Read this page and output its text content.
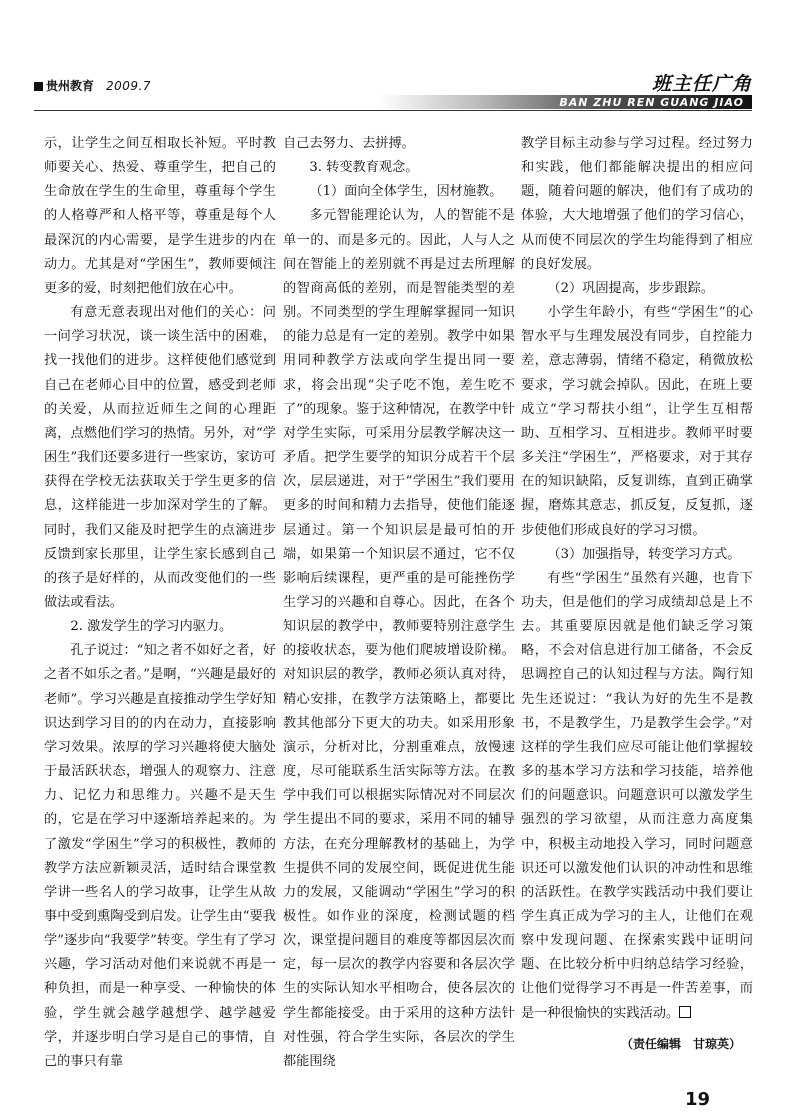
贵州教育 2009.7	班主任广角
BAN ZHU REN GUANG JIAO

示，让学生之间互相取长补短。平时教师要关心、热爱、尊重学生，把自己的生命放在学生的生命里，尊重每个学生的人格尊严和人格平等，尊重是每个人最深沉的内心需要，是学生进步的内在动力。尤其是对“学困生”，教师要倾注更多的爱，时刻把他们放在心中。

有意无意表现出对他们的关心：问一问学习状况，谈一谈生活中的困难，找一找他们的进步。这样使他们感觉到自己在老师心目中的位置，感受到老师的关爱，从而拉近师生之间的心理距离，点燃他们学习的热情。另外，对“学困生”我们还要多进行一些家访，家访可获得在学校无法获取关于学生更多的信息，这样能进一步加深对学生的了解。同时，我们又能及时把学生的点滴进步反馈到家长那里，让学生家长感到自己的孩子是好样的，从而改变他们的一些做法或看法。

2. 激发学生的学习内驱力。

孔子说过：“知之者不如好之者，好之者不如乐之者。”是啊，“兴趣是最好的老师”。学习兴趣是直接推动学生学好知识达到学习目的的内在动力，直接影响学习效果。浓厚的学习兴趣将使大脑处于最活跃状态，增强人的观察力、注意力、记忆力和思维力。兴趣不是天生的，它是在学习中逐渐培养起来的。为了激发“学困生”学习的积极性，教师的教学方法应新颖灵活，适时结合课堂教学讲一些名人的学习故事，让学生从故事中受到熏陶受到启发。让学生由“要我学”逐步向“我要学”转变。学生有了学习兴趣，学习活动对他们来说就不再是一种负担，而是一种享受、一种愉快的体验，学生就会越学越想学、越学越爱学，并逐步明白学习是自己的事情，自己的事只有靠

自己去努力、去拼搏。

3. 转变教育观念。

（1）面向全体学生，因材施教。

多元智能理论认为，人的智能不是单一的、而是多元的。因此，人与人之间在智能上的差别就不再是过去所理解的智商高低的差别，而是智能类型的差别。不同类型的学生理解掌握同一知识的能力总是有一定的差别。教学中如果用同种教学方法或向学生提出同一要求，将会出现“尖子吃不饱，差生吃不了”的现象。鉴于这种情况，在教学中针对学生实际，可采用分层教学解决这一矛盾。把学生要学的知识分成若干个层次，层层递进，对于“学困生”我们要用更多的时间和精力去指导，使他们能逐层通过。第一个知识层是最可怕的开端，如果第一个知识层不通过，它不仅影响后续课程，更严重的是可能挫伤学生学习的兴趣和自尊心。因此，在各个知识层的教学中，教师要特别注意学生的接收状态，要为他们爬坡增设阶梯。对知识层的教学，教师必须认真对待，精心安排，在教学方法策略上，都要比教其他部分下更大的功夫。如采用形象演示，分析对比，分割重难点，放慢速度，尽可能联系生活实际等方法。在教学中我们可以根据实际情况对不同层次学生提出不同的要求，采用不同的辅导方法，在充分理解教材的基础上，为学生提供不同的发展空间，既促进优生能力的发展，又能调动“学困生”学习的积极性。如作业的深度，检测试题的档次，课堂提问题目的难度等都因层次而定，每一层次的教学内容要和各层次学生的实际认知水平相吻合，使各层次的学生都能接受。由于采用的这种方法针对性强，符合学生实际，各层次的学生都能围绕

教学目标主动参与学习过程。经过努力和实践，他们都能解决提出的相应问题，随着问题的解决，他们有了成功的体验，大大地增强了他们的学习信心，从而使不同层次的学生均能得到了相应的良好发展。

（2）巩固提高，步步跟踪。

小学生年龄小，有些“学困生”的心智水平与生理发展没有同步，自控能力差，意志薄弱，情绪不稳定，稍微放松要求，学习就会掉队。因此，在班上要成立“学习帮扶小组”，让学生互相帮助、互相学习、互相进步。教师平时要多关注“学困生”，严格要求，对于其存在的知识缺陷，反复训练，直到正确掌握，磨炼其意志，抓反复，反复抓，逐步使他们形成良好的学习习惯。

（3）加强指导，转变学习方式。

有些“学困生”虽然有兴趣，也肯下功夫，但是他们的学习成绩却总是上不去。其重要原因就是他们缺乏学习策略，不会对信息进行加工储备，不会反思调控自己的认知过程与方法。陶行知先生还说过：“我认为好的先生不是教书，不是教学生，乃是教学生会学。”对这样的学生我们应尽可能让他们掌握较多的基本学习方法和学习技能，培养他们的问题意识。问题意识可以激发学生强烈的学习欲望，从而注意力高度集中，积极主动地投入学习，同时问题意识还可以激发他们认识的冲动性和思维的活跃性。在教学实践活动中我们要让学生真正成为学习的主人，让他们在观察中发现问题、在探索实践中证明问题、在比较分析中归纳总结学习经验，让他们觉得学习不再是一件苦差事，而是一种很愉快的实践活动。

（责任编辑　甘琼英）
19
